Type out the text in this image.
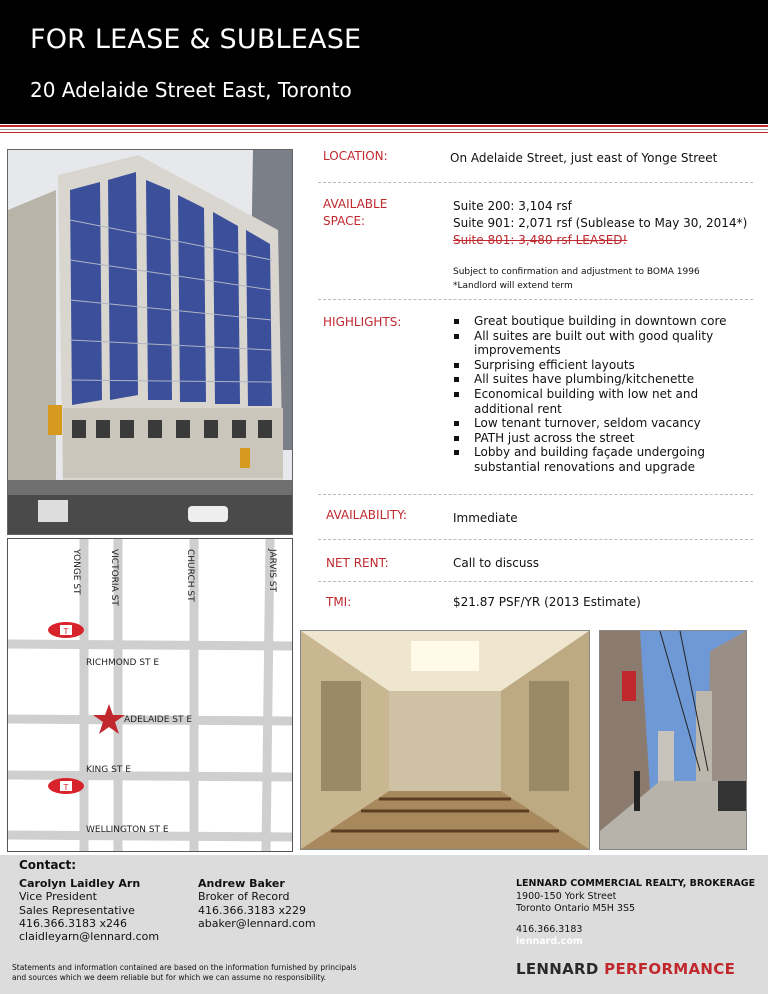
FOR LEASE & SUBLEASE
20 Adelaide Street East, Toronto
YONGE ST	VICTORIA ST	CHURCH ST	JARVIS ST
RICHMOND ST E
ADELAIDE ST E
KING ST E
WELLINGTON ST E
T
T
LOCATION:	On Adelaide Street, just east of Yonge Street
AVAILABLE
SPACE:
Suite 200: 3,104 rsf
Suite 901: 2,071 rsf (Sublease to May 30, 2014*)
Suite 801: 3,480 rsf LEASED!
Subject to confirmation and adjustment to BOMA 1996
*Landlord will extend term
HIGHLIGHTS:	Great boutique building in downtown core
All suites are built out with good quality improvements
Surprising efficient layouts
All suites have plumbing/kitchenette
Economical building with low net and additional rent
Low tenant turnover, seldom vacancy
PATH just across the street
Lobby and building façade undergoing substantial renovations and upgrade
AVAILABILITY:	Immediate
NET RENT:	Call to discuss
TMI:	$21.87 PSF/YR (2013 Estimate)
Contact:
Carolyn Laidley Arn
Vice President
Sales Representative
416.366.3183 x246
claidleyarn@lennard.com
Andrew Baker
Broker of Record
416.366.3183 x229
abaker@lennard.com
LENNARD COMMERCIAL REALTY, BROKERAGE
1900-150 York Street
Toronto Ontario M5H 3S5
416.366.3183
lennard.com
Statements and information contained are based on the information furnished by principals
and sources which we deem reliable but for which we can assume no responsibility.	LENNARD PERFORMANCE
